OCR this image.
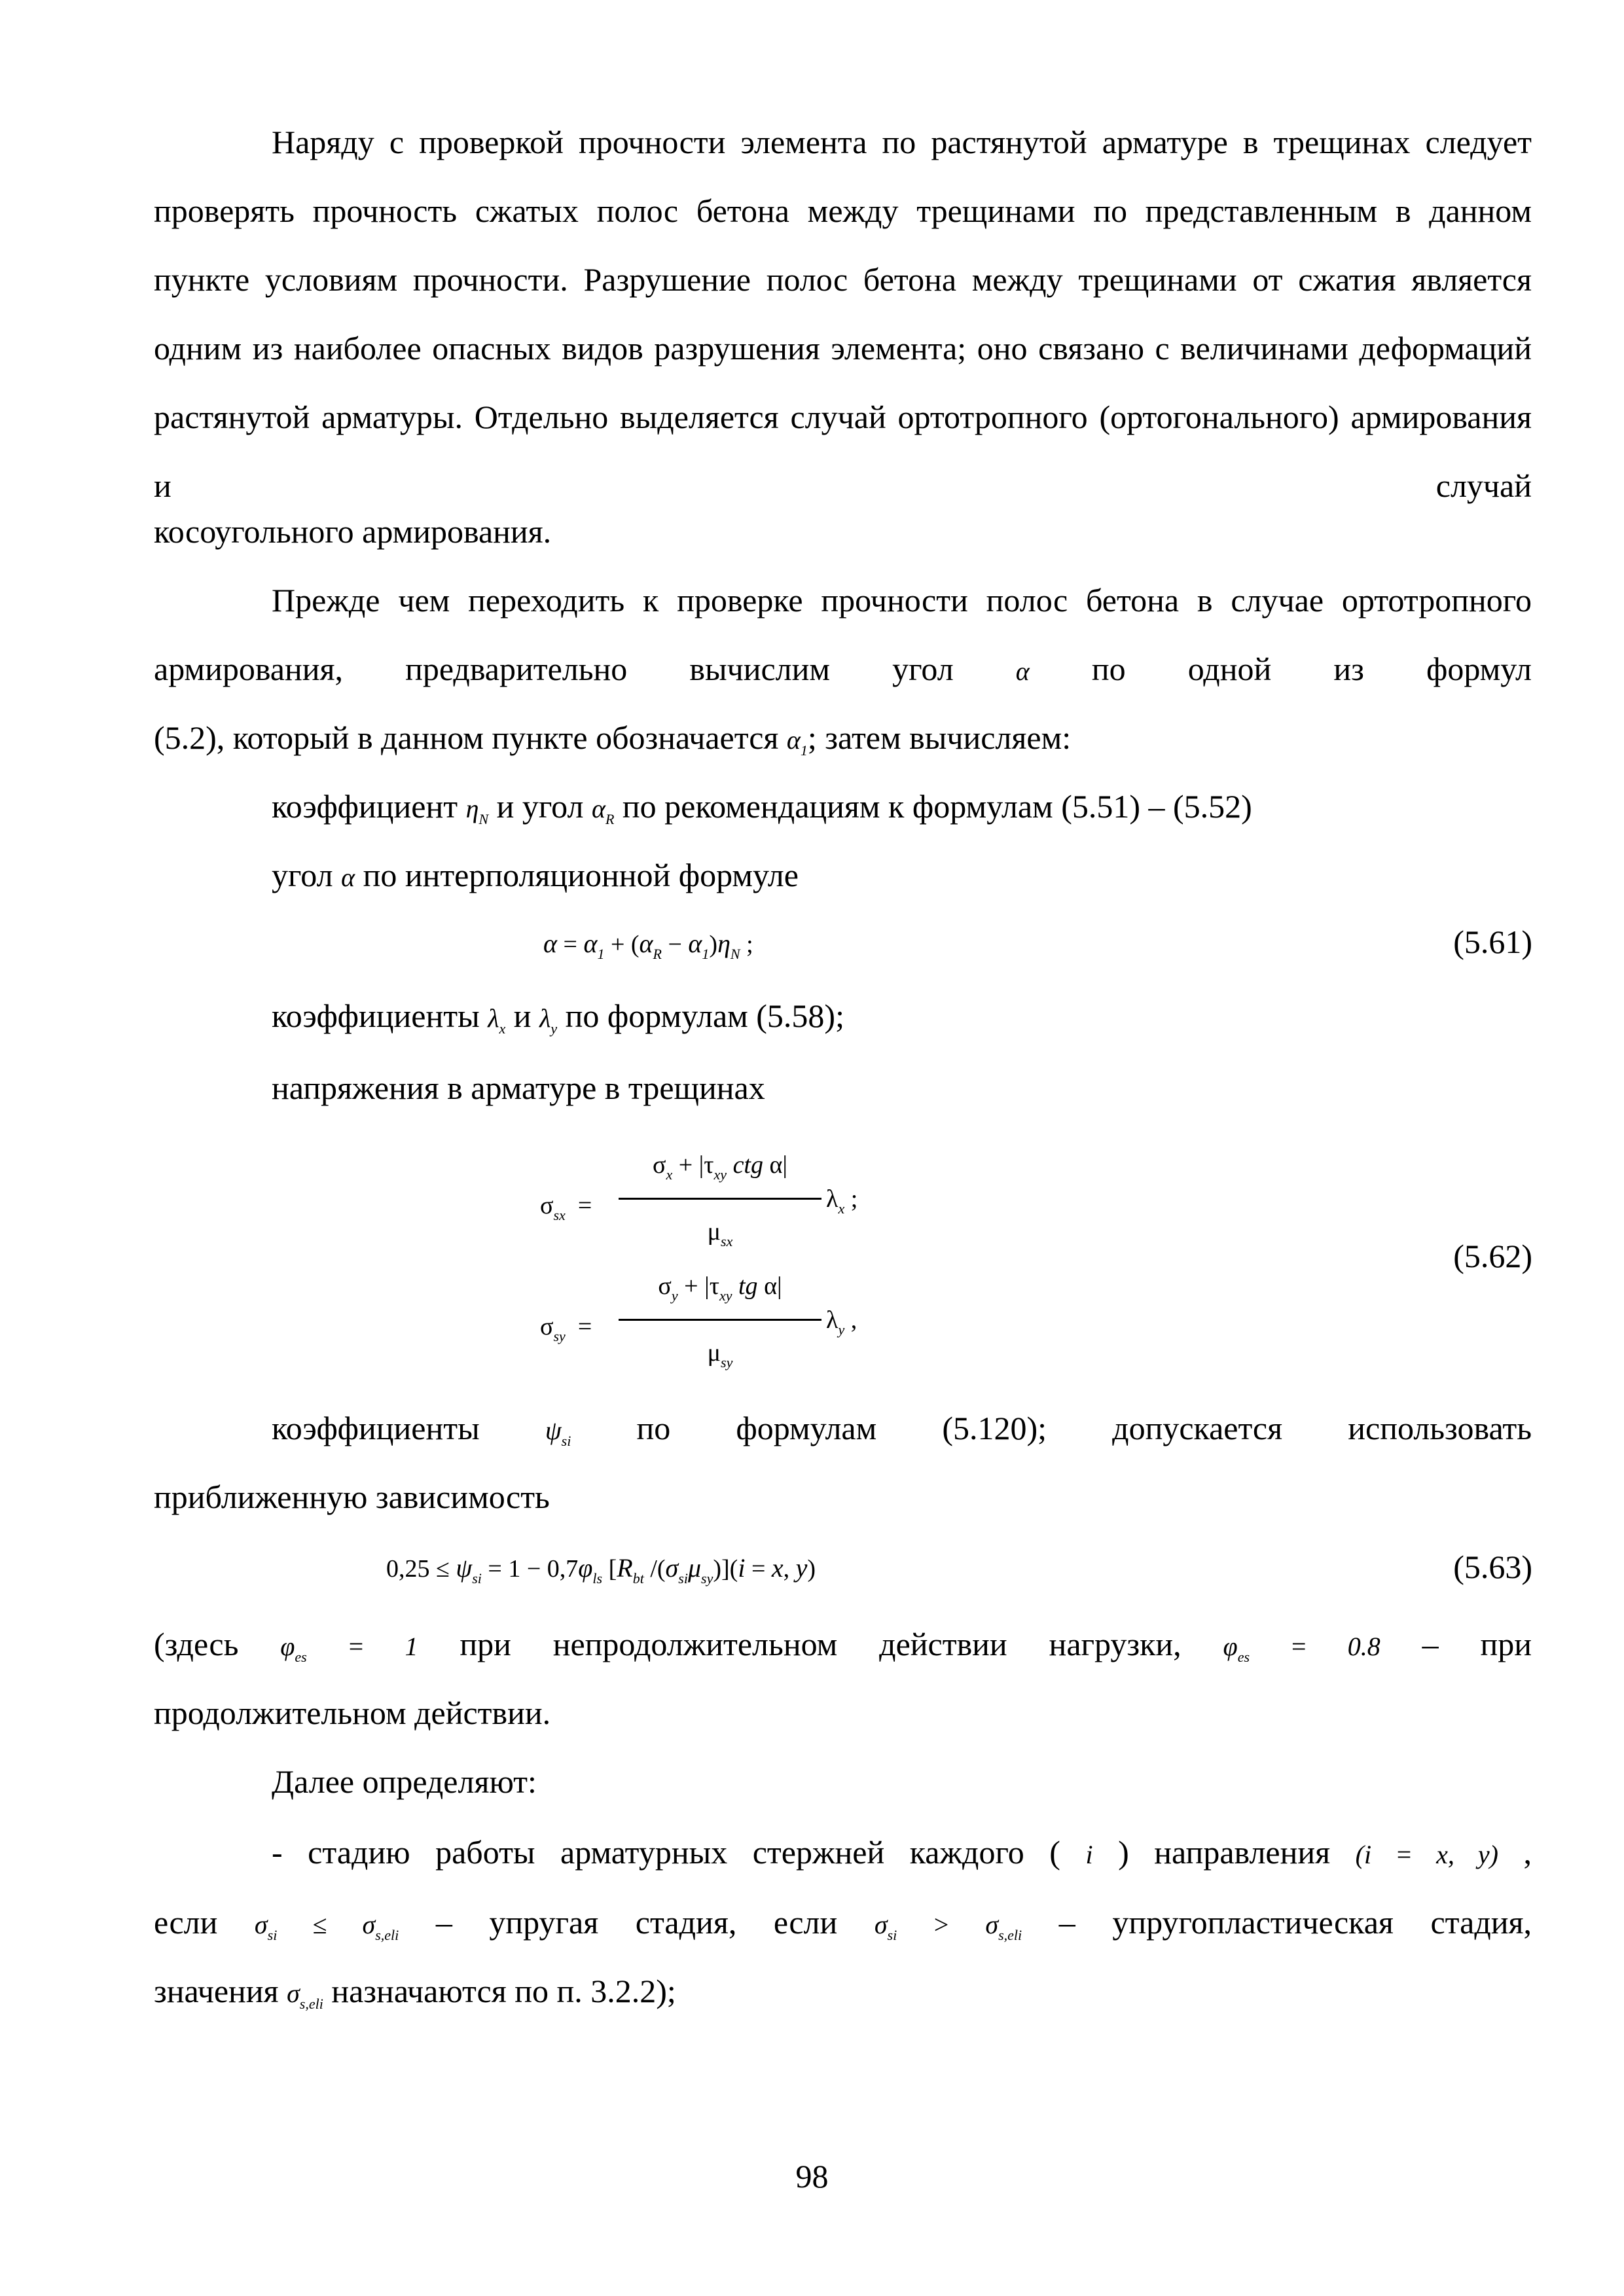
Наряду с проверкой прочности элемента по растянутой арматуре в трещинах следует проверять прочность сжатых полос бетона между трещинами по представленным в данном пункте условиям прочности. Разрушение полос бетона между трещинами от сжатия является одним из наиболее опасных видов разрушения элемента; оно связано с величинами деформаций растянутой арматуры. Отдельно выделяется случай ортотропного (ортогонального) армирования и случай

косоугольного армирования.

Прежде чем переходить к проверке прочности полос бетона в случае ортотропного армирования, предварительно вычислим угол α по одной из формул

(5.2), который в данном пункте обозначается $\alpha_1$; затем вычисляем:
коэффициент $\eta_N$ и угол $\alpha_R$ по рекомендациям к формулам (5.51) – (5.52)
угол α по интерполяционной формуле
$\alpha = \alpha_1 + (\alpha_R - \alpha_1)\eta_N$ ;	(5.61)
коэффициенты $\lambda_x$ и $\lambda_y$ по формулам (5.58);
напряжения в арматуре в трещинах
$\sigma_{sx}$  =
$\sigma_x + |\tau_{xy}$ ctg α|
$\mu_{sx}$
$\lambda_x$ ;
$\sigma_{sy}$  =
$\sigma_y + |\tau_{xy}$ tg α|
$\mu_{sy}$
$\lambda_y$ ,
(5.62)

коэффициенты	$\psi_{si}$ по формулам (5.120); допускается использовать

приближенную зависимость
$0,25 \le \psi_{si} = 1 - 0,7\varphi_{ls}$ [$R_{bt}$ $/(\sigma_{si}\mu_{sy})](i = x$, y)	(5.63)

(здесь $\varphi_{es} = 1$ при непродолжительном действии нагрузки, $\varphi_{es} = 0.8$ – при

продолжительном действии.
Далее определяют:

- стадию работы арматурных стержней каждого ( i ) направления (i = x, y) ,

если $\sigma_{si} \le \sigma_{s,eli}$ – упругая стадия, если $\sigma_{si} > \sigma_{s,eli}$ – упругопластическая стадия,

значения $\sigma_{s,eli}$ назначаются по п. 3.2.2);
98
